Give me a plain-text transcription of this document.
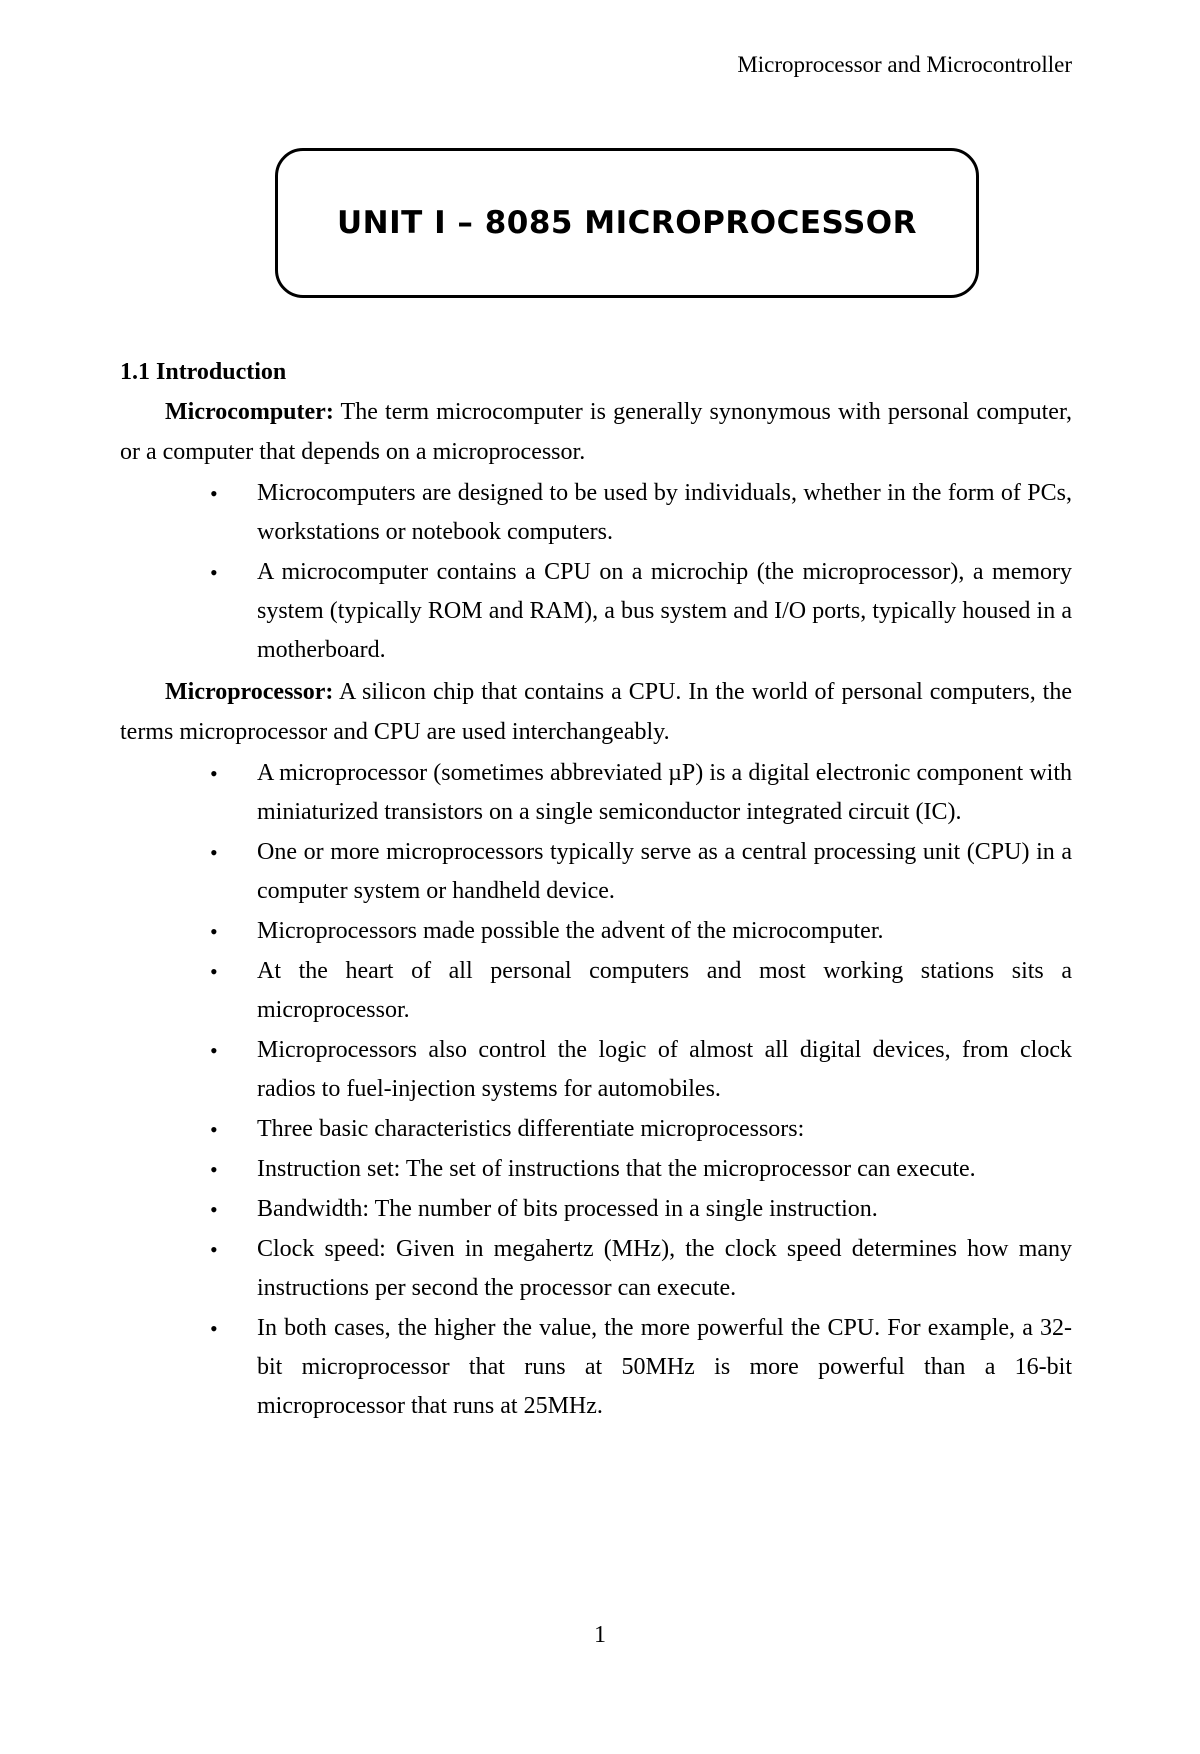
Microprocessor and Microcontroller
UNIT I – 8085 MICROPROCESSOR

1.1 Introduction

Microcomputer: The term microcomputer is generally synonymous with personal computer, or a computer that depends on a microprocessor.

• Microcomputers are designed to be used by individuals, whether in the form of PCs, workstations or notebook computers.
• A microcomputer contains a CPU on a microchip (the microprocessor), a memory system (typically ROM and RAM), a bus system and I/O ports, typically housed in a motherboard.

Microprocessor: A silicon chip that contains a CPU. In the world of personal computers, the terms microprocessor and CPU are used interchangeably.

• A microprocessor (sometimes abbreviated µP) is a digital electronic component with miniaturized transistors on a single semiconductor integrated circuit (IC).
• One or more microprocessors typically serve as a central processing unit (CPU) in a computer system or handheld device.
• Microprocessors made possible the advent of the microcomputer.
• At the heart of all personal computers and most working stations sits a microprocessor.
• Microprocessors also control the logic of almost all digital devices, from clock radios to fuel-injection systems for automobiles.
• Three basic characteristics differentiate microprocessors:
• Instruction set: The set of instructions that the microprocessor can execute.
• Bandwidth: The number of bits processed in a single instruction.
• Clock speed: Given in megahertz (MHz), the clock speed determines how many instructions per second the processor can execute.
• In both cases, the higher the value, the more powerful the CPU. For example, a 32-bit microprocessor that runs at 50MHz is more powerful than a 16-bit microprocessor that runs at 25MHz.
1
